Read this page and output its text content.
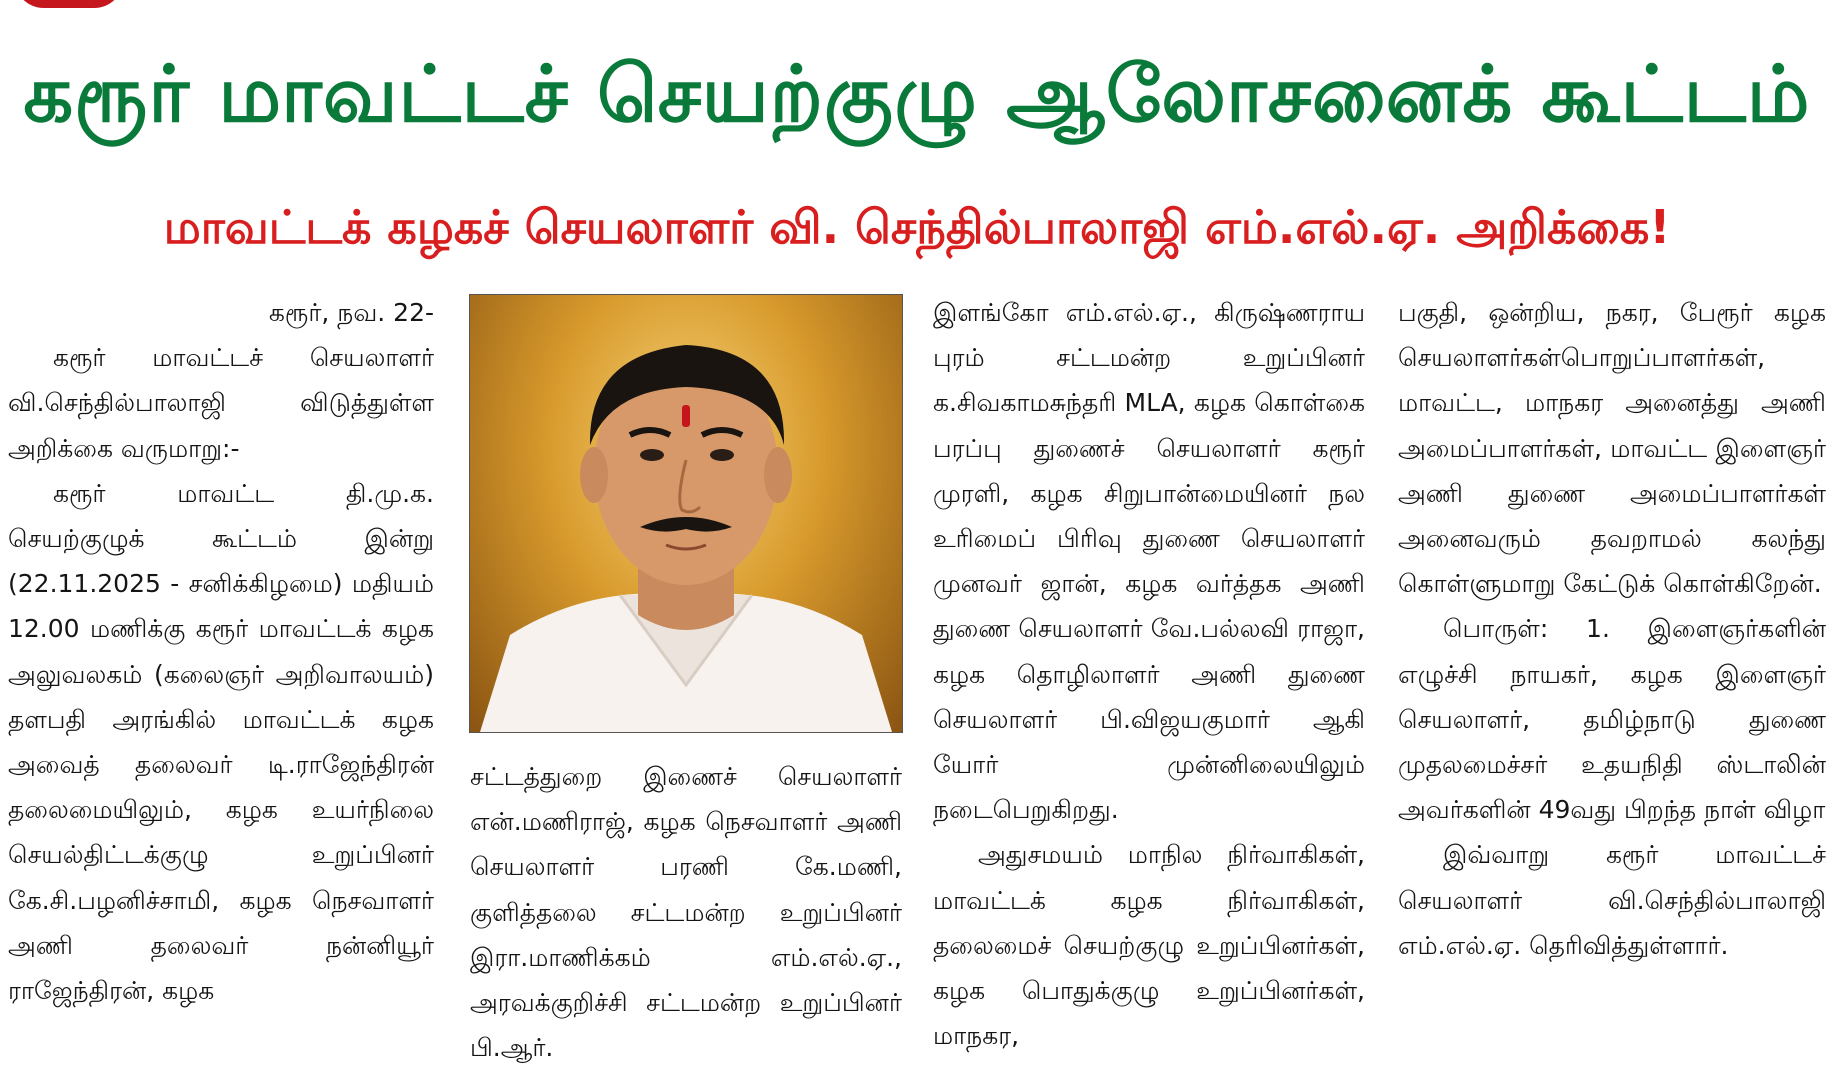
கரூர் மாவட்டச் செயற்குழு ஆலோசனைக் கூட்டம்
மாவட்டக் கழகச் செயலாளர் வி. செந்தில்பாலாஜி எம்.எல்.ஏ. அறிக்கை!

கரூர், நவ. 22-

கரூர் மாவட்டச் செயலாளர் வி.செந்தில்பாலாஜி விடுத்துள்ள அறிக்கை வருமாறு:-

கரூர் மாவட்ட தி.மு.க. செயற்குழுக் கூட்டம் இன்று (22.11.2025 - சனிக்கிழமை) மதியம் 12.00 மணிக்கு கரூர் மாவட்டக் கழக அலுவலகம் (கலைஞர் அறிவாலயம்) தளபதி அரங்கில் மாவட்டக் கழக அவைத் தலைவர் டி.ராஜேந்திரன் தலைமையிலும், கழக உயர்நிலை செயல்திட்டக்குழு உறுப்பினர் கே.சி.பழனிச்சாமி, கழக நெசவாளர் அணி தலைவர் நன்னியூர் ராஜேந்திரன், கழக

சட்டத்துறை இணைச் செயலாளர் என்.மணிராஜ், கழக நெசவாளர் அணி செயலாளர் பரணி கே.மணி, குளித்தலை சட்டமன்ற உறுப்பினர் இரா.மாணிக்கம் எம்.எல்.ஏ., அரவக்குறிச்சி சட்டமன்ற உறுப்பினர் பி.ஆர்.

இளங்கோ எம்.எல்.ஏ., கிருஷ்ணராய புரம் சட்டமன்ற உறுப்பினர் க.சிவகாமசுந்தரி MLA, கழக கொள்கை பரப்பு துணைச் செயலாளர் கரூர் முரளி, கழக சிறுபான்மையினர் நல உரிமைப் பிரிவு துணை செயலாளர் முனவர் ஜான், கழக வர்த்தக அணி துணை செயலாளர் வே.பல்லவி ராஜா, கழக தொழிலாளர் அணி துணை செயலாளர் பி.விஜயகுமார் ஆகி யோர் முன்னிலையிலும் நடைபெறுகிறது.

அதுசமயம் மாநில நிர்வாகிகள், மாவட்டக் கழக நிர்வாகிகள், தலைமைச் செயற்குழு உறுப்பினர்கள், கழக பொதுக்குழு உறுப்பினர்கள், மாநகர,

பகுதி, ஒன்றிய, நகர, பேரூர் கழக செயலாளர்கள்பொறுப்பாளர்கள், மாவட்ட, மாநகர அனைத்து அணி அமைப்பாளர்கள், மாவட்ட இளைஞர் அணி துணை அமைப்பாளர்கள் அனைவரும் தவறாமல் கலந்து கொள்ளுமாறு கேட்டுக் கொள்கிறேன்.

பொருள்: 1. இளைஞர்களின் எழுச்சி நாயகர், கழக இளைஞர் செயலாளர், தமிழ்நாடு துணை முதலமைச்சர் உதயநிதி ஸ்டாலின் அவர்களின் 49வது பிறந்த நாள் விழா

இவ்வாறு கரூர் மாவட்டச் செயலாளர் வி.செந்தில்பாலாஜி எம்.எல்.ஏ. தெரிவித்துள்ளார்.
